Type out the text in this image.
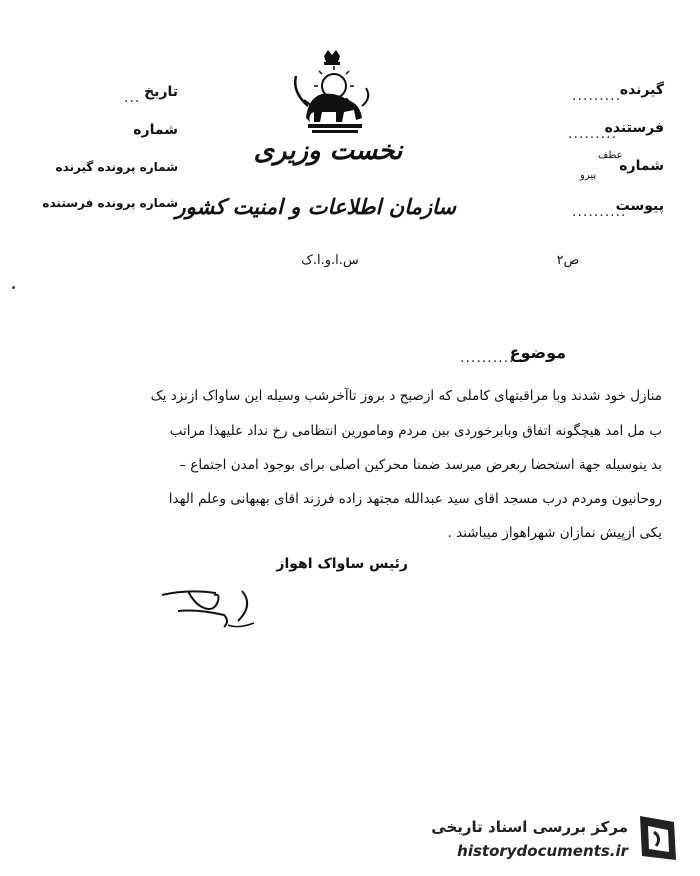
گیرنده
فرستنده
شماره
عطف
پیرو
پیوست
.........
.........
..........
تاریخ
...
شماره
شماره پرونده گیرنده
شماره پرونده فرستنده
نخست وزیری
سازمان اطلاعات و امنیت کشور
س.ا.و.ا.ک	ص۲
موضوع
..........
منازل خود شدند وبا مراقبتهای کاملی که ازصبح د بروز تاآخرشب وسیله این ساواک ازنزد یک
ب مل امد هیچگونه اتفاق وبابرخوردی بین مردم ومامورین انتظامی رخ نداد علیهذا مراتب
بد ینوسیله جهة استحضا ربعرض میرسد ضمنا محرکین اصلی برای بوجود امدن اجتماع –
روحانیون ومردم درب مسجد اقای سید عبدالله مجتهد زاده فرزند اقای بهبهانی وعلم الهدا
یکی ازپیش نمازان شهراهواز میباشند .
رئیس ساواک اهواز
مرکز بررسی اسناد تاریخی
historydocuments.ir
